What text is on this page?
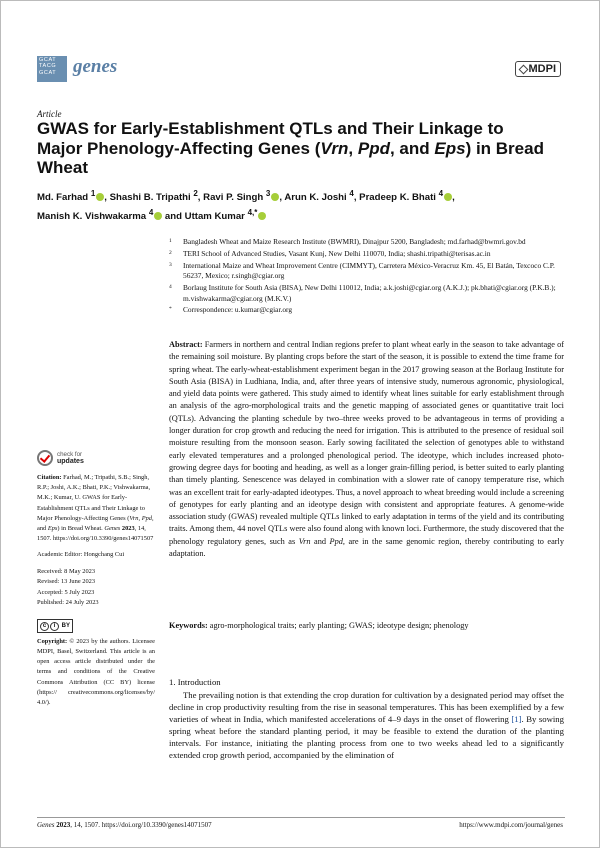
GCAT
TACG
GCAT genes	MDPI
Article
GWAS for Early-Establishment QTLs and Their Linkage to Major Phenology-Affecting Genes (Vrn, Ppd, and Eps) in Bread Wheat
Md. Farhad $^1$ , Shashi B. Tripathi $^2$, Ravi P. Singh $^3$ , Arun K. Joshi $^4$, Pradeep K. Bhati $^4$ ,
Manish K. Vishwakarma $^4$ and Uttam Kumar $^{4,*}$
1 Bangladesh Wheat and Maize Research Institute (BWMRI), Dinajpur 5200, Bangladesh; md.farhad@bwmri.gov.bd
2 TERI School of Advanced Studies, Vasant Kunj, New Delhi 110070, India; shashi.tripathi@terisas.ac.in
3 International Maize and Wheat Improvement Centre (CIMMYT), Carretera México-Veracruz Km. 45, El Batán, Texcoco C.P. 56237, Mexico; r.singh@cgiar.org
4 Borlaug Institute for South Asia (BISA), New Delhi 110012, India; a.k.joshi@cgiar.org (A.K.J.); pk.bhati@cgiar.org (P.K.B.); m.vishwakarma@cgiar.org (M.K.V.)
* Correspondence: u.kumar@cgiar.org
Abstract: Farmers in northern and central Indian regions prefer to plant wheat early in the season to take advantage of the remaining soil moisture. By planting crops before the start of the season, it is possible to extend the time frame for spring wheat. The early-wheat-establishment experiment began in the 2017 growing season at the Borlaug Institute for South Asia (BISA) in Ludhiana, India, and, after three years of intensive study, numerous agronomic, physiological, and yield data points were gathered. This study aimed to identify wheat lines suitable for early establishment through an analysis of the agro-morphological traits and the genetic mapping of associated genes or quantitative trait loci (QTLs). Advancing the planting schedule by two–three weeks proved to be advantageous in terms of providing a longer duration for crop growth and reducing the need for irrigation. This is attributed to the presence of residual soil moisture resulting from the monsoon season. Early sowing facilitated the selection of genotypes able to withstand early elevated temperatures and a prolonged phenological period. The ideotype, which includes increased photo-growing degree days for booting and heading, as well as a longer grain-filling period, is better suited to early planting than timely planting. Senescence was delayed in combination with a slower rate of canopy temperature rise, which was an excellent trait for early-adapted ideotypes. Thus, a novel approach to wheat breeding would include a screening of genotypes for early planting and an ideotype design with consistent and appropriate features. A genome-wide association study (GWAS) revealed multiple QTLs linked to early adaptation in terms of the yield and its contributing traits. Among them, 44 novel QTLs were also found along with known loci. Furthermore, the study discovered that the phenology regulatory genes, such as Vrn and Ppd, are in the same genomic region, thereby contributing to early adaptation.
Keywords: agro-morphological traits; early planting; GWAS; ideotype design; phenology
check for
updates

Citation: Farhad, M.; Tripathi, S.B.; Singh, R.P.; Joshi, A.K.; Bhati, P.K.; Vishwakarma, M.K.; Kumar, U. GWAS for Early-Establishment QTLs and Their Linkage to Major Phenology-Affecting Genes (Vrn, Ppd, and Eps) in Bread Wheat. Genes 2023, 14, 1507. https://doi.org/10.3390/genes14071507

Academic Editor: Hongchang Cui

Received: 8 May 2023
Revised: 13 June 2023
Accepted: 5 July 2023
Published: 24 July 2023
c i BY

Copyright: © 2023 by the authors. Licensee MDPI, Basel, Switzerland. This article is an open access article distributed under the terms and conditions of the Creative Commons Attribution (CC BY) license (https:// creativecommons.org/licenses/by/ 4.0/).

1. Introduction
The prevailing notion is that extending the crop duration for cultivation by a designated period may offset the decline in crop productivity resulting from the rise in seasonal temperatures. This has been exemplified by a few varieties of wheat in India, which manifested accelerations of 4–9 days in the onset of flowering [1]. By sowing spring wheat before the standard planting period, it may be feasible to extend the duration of the planting intervals. For instance, initiating the planting process from one to two weeks ahead led to a significantly extended crop growth period, accompanied by the elimination of
Genes 2023, 14, 1507. https://doi.org/10.3390/genes14071507	https://www.mdpi.com/journal/genes
